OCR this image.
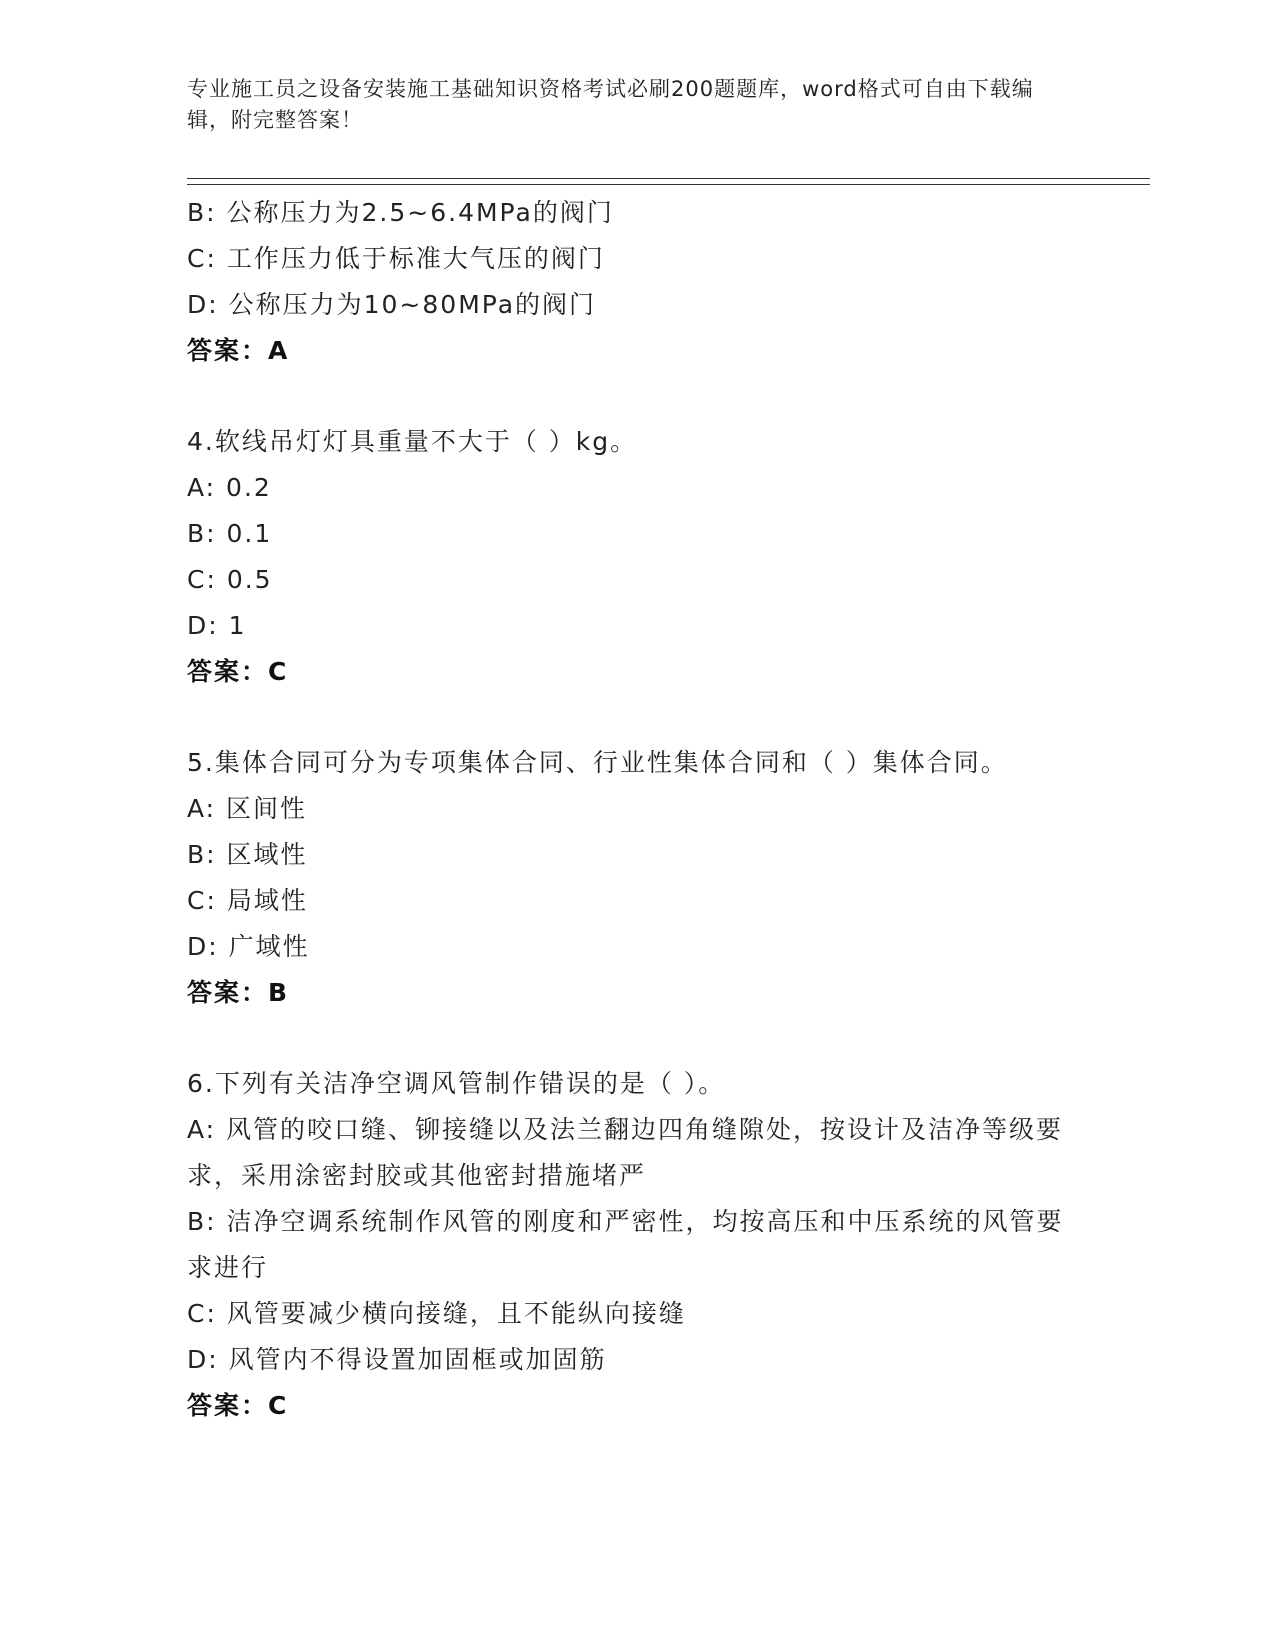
专业施工员之设备安装施工基础知识资格考试必刷200题题库，word格式可自由下载编辑，附完整答案！
B: 公称压力为2.5~6.4MPa的阀门
C: 工作压力低于标准大气压的阀门
D: 公称压力为10~80MPa的阀门
答案：A
4.软线吊灯灯具重量不大于（ ）kg。
A: 0.2
B: 0.1
C: 0.5
D: 1
答案：C
5.集体合同可分为专项集体合同、行业性集体合同和（ ）集体合同。
A: 区间性
B: 区域性
C: 局域性
D: 广域性
答案：B
6.下列有关洁净空调风管制作错误的是（ ）。
A: 风管的咬口缝、铆接缝以及法兰翻边四角缝隙处，按设计及洁净等级要求，采用涂密封胶或其他密封措施堵严
B: 洁净空调系统制作风管的刚度和严密性，均按高压和中压系统的风管要求进行
C: 风管要减少横向接缝，且不能纵向接缝
D: 风管内不得设置加固框或加固筋
答案：C
